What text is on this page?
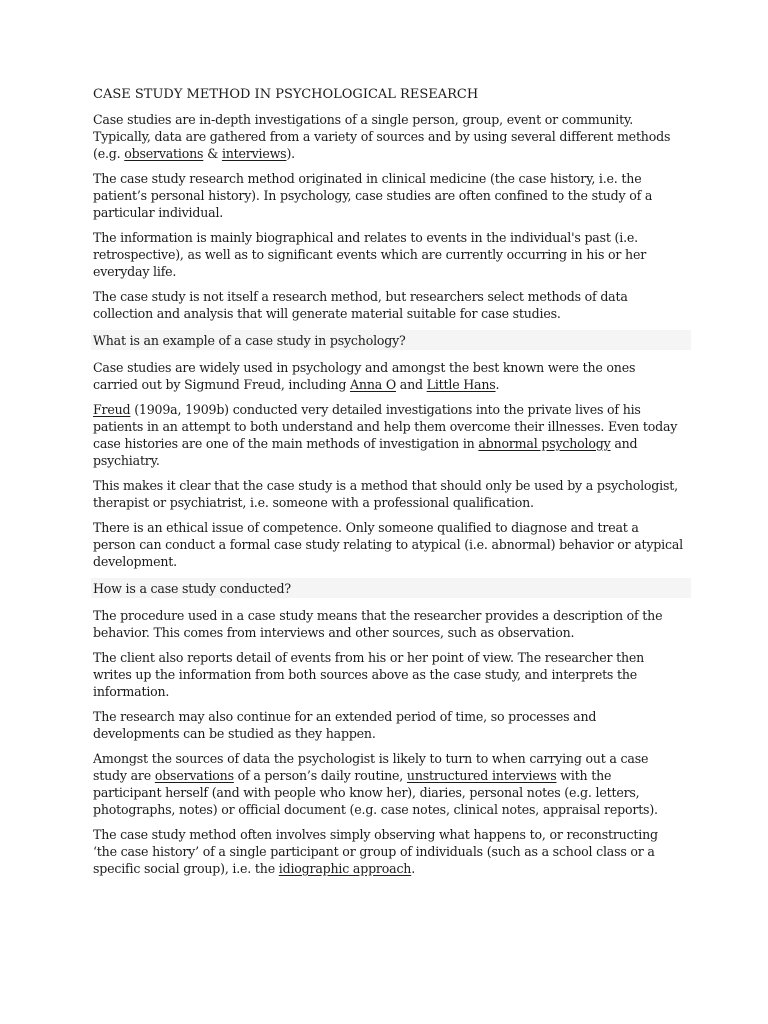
CASE STUDY METHOD IN PSYCHOLOGICAL RESEARCH

Case studies are in-depth investigations of a single person, group, event or community. Typically, data are gathered from a variety of sources and by using several different methods (e.g. observations & interviews).

The case study research method originated in clinical medicine (the case history, i.e. the patient’s personal history). In psychology, case studies are often confined to the study of a particular individual.

The information is mainly biographical and relates to events in the individual's past (i.e. retrospective), as well as to significant events which are currently occurring in his or her everyday life.

The case study is not itself a research method, but researchers select methods of data collection and analysis that will generate material suitable for case studies.

What is an example of a case study in psychology?

Case studies are widely used in psychology and amongst the best known were the ones carried out by Sigmund Freud, including Anna O and Little Hans.

Freud (1909a, 1909b) conducted very detailed investigations into the private lives of his patients in an attempt to both understand and help them overcome their illnesses. Even today case histories are one of the main methods of investigation in abnormal psychology and psychiatry.

This makes it clear that the case study is a method that should only be used by a psychologist, therapist or psychiatrist, i.e. someone with a professional qualification.

There is an ethical issue of competence. Only someone qualified to diagnose and treat a person can conduct a formal case study relating to atypical (i.e. abnormal) behavior or atypical development.

How is a case study conducted?

The procedure used in a case study means that the researcher provides a description of the behavior. This comes from interviews and other sources, such as observation.

The client also reports detail of events from his or her point of view. The researcher then writes up the information from both sources above as the case study, and interprets the information.

The research may also continue for an extended period of time, so processes and developments can be studied as they happen.

Amongst the sources of data the psychologist is likely to turn to when carrying out a case study are observations of a person’s daily routine, unstructured interviews with the participant herself (and with people who know her), diaries, personal notes (e.g. letters, photographs, notes) or official document (e.g. case notes, clinical notes, appraisal reports).

The case study method often involves simply observing what happens to, or reconstructing ‘the case history’ of a single participant or group of individuals (such as a school class or a specific social group), i.e. the idiographic approach.
